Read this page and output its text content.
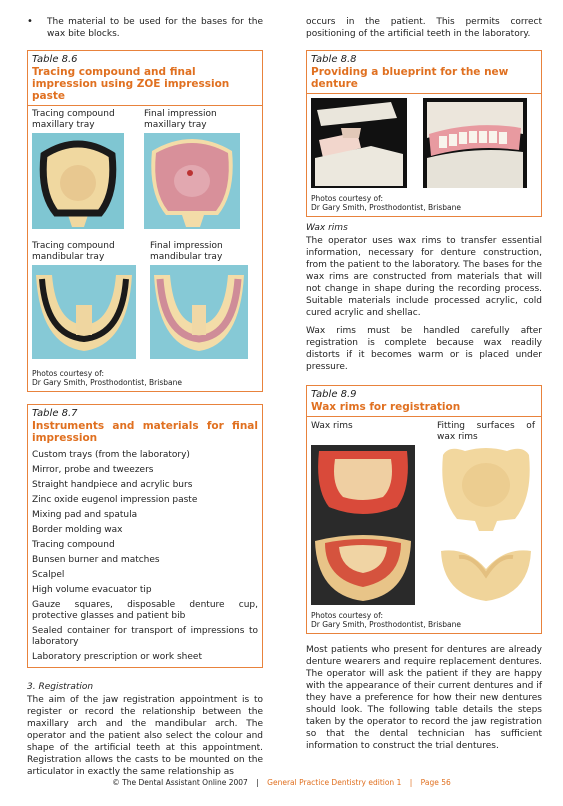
•	The material to be used for the bases for the wax bite blocks.
Table 8.6
Tracing compound and final impression using ZOE impression paste
Tracing compound maxillary tray
Final impression maxillary tray
Tracing compound mandibular tray
Final impression mandibular tray
Photos courtesy of:
Dr Gary Smith, Prosthodontist, Brisbane
Table 8.7
Instruments and materials for final impression
Custom trays (from the laboratory)
Mirror, probe and tweezers
Straight handpiece and acrylic burs
Zinc oxide eugenol impression paste
Mixing pad and spatula
Border molding wax
Tracing compound
Bunsen burner and matches
Scalpel
High volume evacuator tip
Gauze squares, disposable denture cup, protective glasses and patient bib
Sealed container for transport of impressions to laboratory
Laboratory prescription or work sheet
3. Registration
The aim of the jaw registration appointment is to register or record the relationship between the maxillary arch and the mandibular arch. The operator and the patient also select the colour and shape of the artificial teeth at this appointment. Registration allows the casts to be mounted on the articulator in exactly the same relationship as
occurs in the patient. This permits correct positioning of the artificial teeth in the laboratory.
Table 8.8
Providing a blueprint for the new denture
Photos courtesy of:
Dr Gary Smith, Prosthodontist, Brisbane
Wax rims
The operator uses wax rims to transfer essential information, necessary for denture construction, from the patient to the laboratory. The bases for the wax rims are constructed from materials that will not change in shape during the recording process. Suitable materials include processed acrylic, cold cured acrylic and shellac.
Wax rims must be handled carefully after registration is complete because wax readily distorts if it becomes warm or is placed under pressure.
Table 8.9
Wax rims for registration
Wax rims	Fitting surfaces of wax rims
Photos courtesy of:
Dr Gary Smith, Prosthodontist, Brisbane
Most patients who present for dentures are already denture wearers and require replacement dentures. The operator will ask the patient if they are happy with the appearance of their current dentures and if they have a preference for how their new dentures should look. The following table details the steps taken by the operator to record the jaw registration so that the dental technician has sufficient information to construct the trial dentures.
© The Dental Assistant Online 2007 | General Practice Dentistry edition 1 | Page 56
